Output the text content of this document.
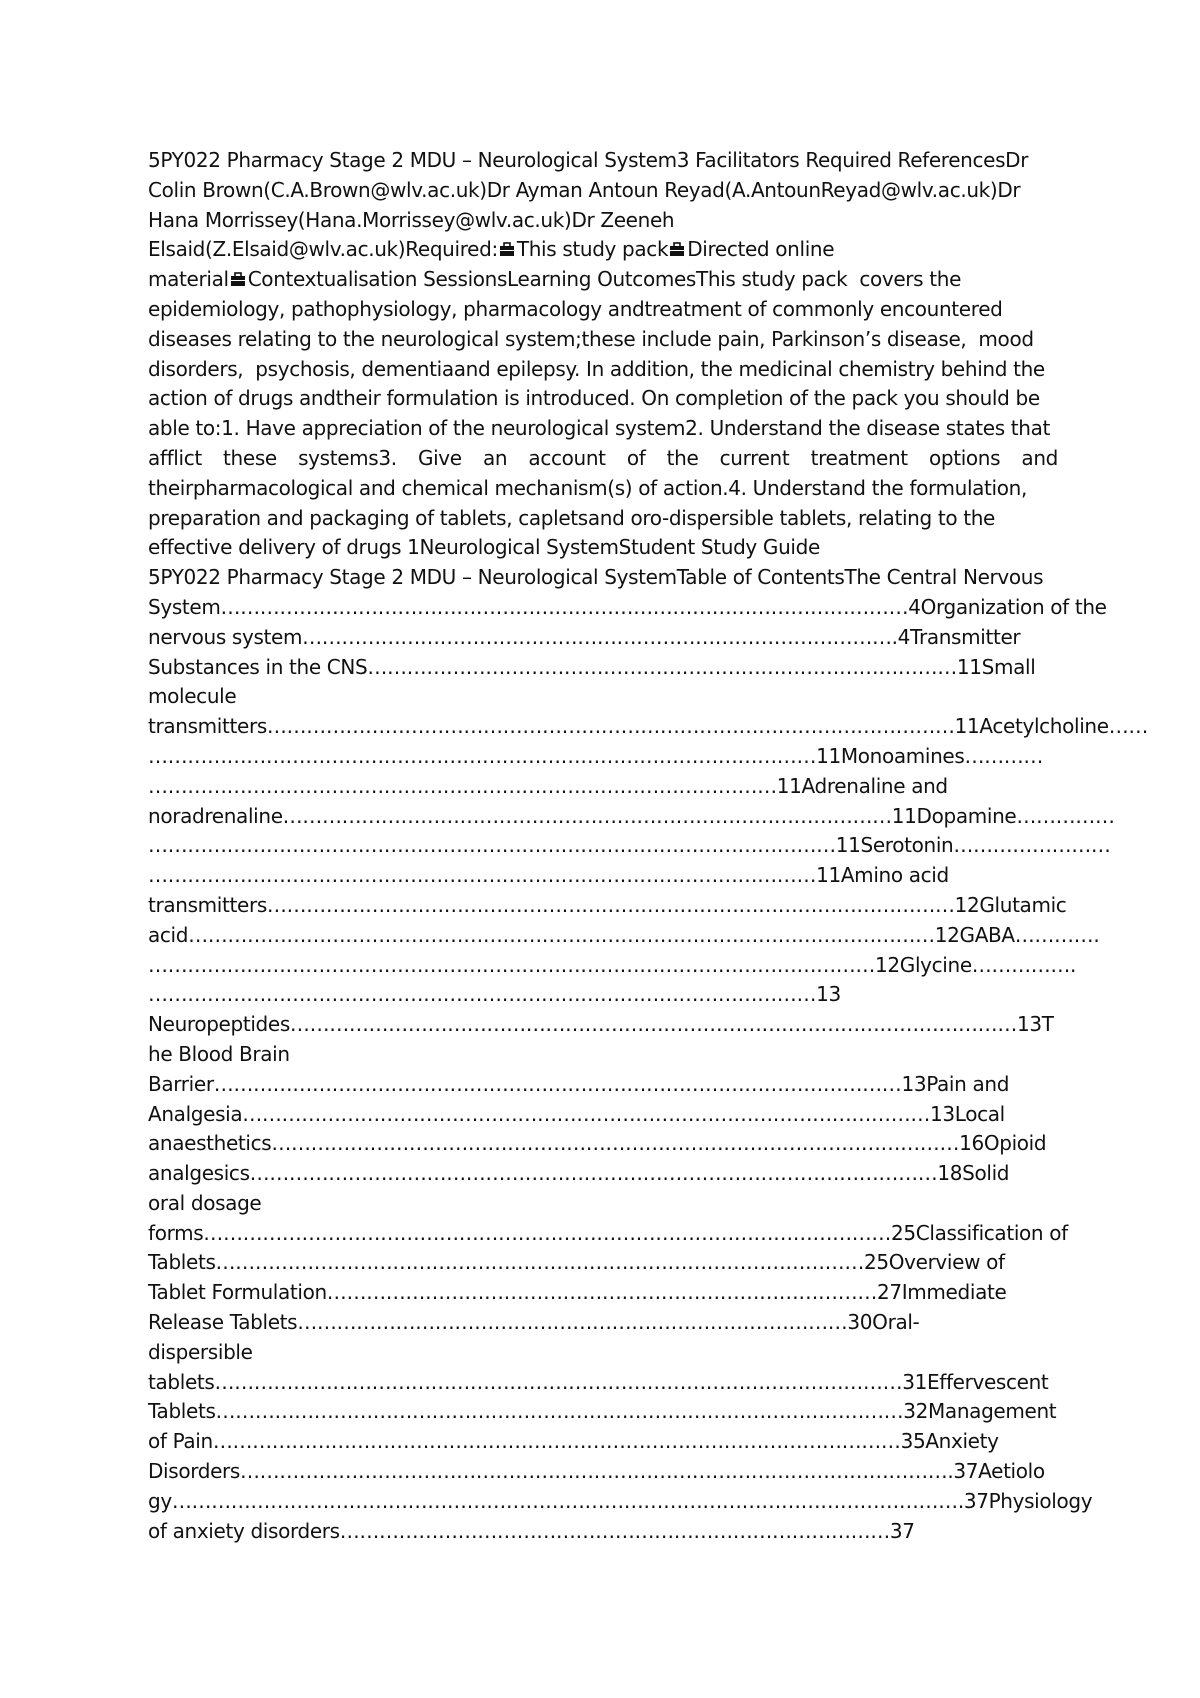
5PY022 Pharmacy Stage 2 MDU – Neurological System3 Facilitators Required ReferencesDr
Colin Brown(C.A.Brown@wlv.ac.uk)Dr Ayman Antoun Reyad(A.AntounReyad@wlv.ac.uk)Dr
Hana Morrissey(Hana.Morrissey@wlv.ac.uk)Dr Zeeneh
Elsaid(Z.Elsaid@wlv.ac.uk)Required: This study pack Directed online
material Contextualisation SessionsLearning OutcomesThis study pack  covers the
epidemiology, pathophysiology, pharmacology andtreatment of commonly encountered
diseases relating to the neurological system;these include pain, Parkinson’s disease,  mood
disorders,  psychosis, dementiaand epilepsy. In addition, the medicinal chemistry behind the
action of drugs andtheir formulation is introduced. On completion of the pack you should be
able to:1. Have appreciation of the neurological system2. Understand the disease states that
afflict these systems3. Give an account of the current treatment options and
theirpharmacological and chemical mechanism(s) of action.4. Understand the formulation,
preparation and packaging of tablets, capletsand oro-dispersible tablets, relating to the
effective delivery of drugs 1Neurological SystemStudent Study Guide
5PY022 Pharmacy Stage 2 MDU – Neurological SystemTable of ContentsThe Central Nervous
System……………………………………………………………………………………………4Organization of the
nervous system……………………………………………………………………………….4Transmitter
Substances in the CNS………………………………………………………………………………11Small
molecule
transmitters……………………………………………………………………………………………11Acetylcholine……
…………………………………………………………………………………………11Monoamines…………
……………………………………………………………………………………11Adrenaline and
noradrenaline…………………………………………………………………………………11Dopamine……………
……………………………………………………………………………………………11Serotonin……………………
…………………………………………………………………………………………11Amino acid
transmitters……………………………………………………………………………………………12Glutamic
acid……………………………………………………………………………………………………12GABA………….
…………………………………………………………………………………………………12Glycine…………….
…………………………………………………………………………………………13
Neuropeptides…………………………………………………………………………………………………13T
he Blood Brain
Barrier……………………………………………………………………………………………13Pain and
Analgesia……………………………………………………………………………………………13Local
anaesthetics……………………………………………………………………………………………16Opioid
analgesics……………………………………………………………………………………………18Solid
oral dosage
forms……………………………………………………………………………………………25Classification of
Tablets………………………………………………………………………………………25Overview of
Tablet Formulation…………………………………………………………………………27Immediate
Release Tablets…………………………………………………………………………30Oral-
dispersible
tablets……………………………………………………………………………………………31Effervescent
Tablets……………………………………………………………………………………………32Management
of Pain……………………………………………………………………………………………35Anxiety
Disorders……………………………………………………………………………………………….37Aetiolo
gy………………………………………………………………………………………………………….37Physiology
of anxiety disorders…………………………………………………………………………37
